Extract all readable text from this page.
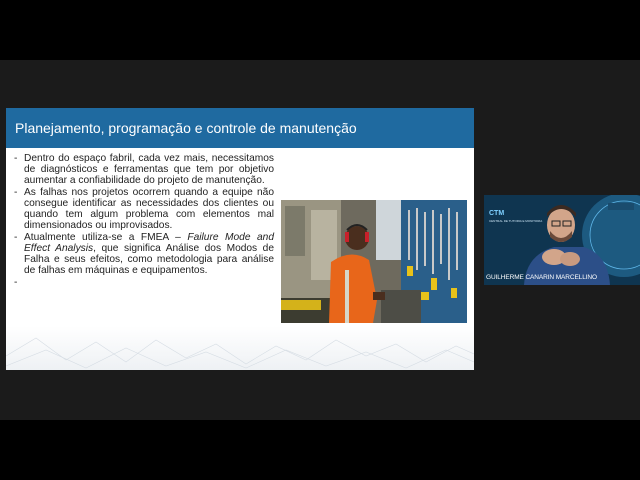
Planejamento, programação e controle de manutenção
- Dentro do espaço fabril, cada vez mais, necessitamos de diagnósticos e ferramentas que tem por objetivo aumentar a confiabilidade do projeto de manutenção.
- As falhas nos projetos ocorrem quando a equipe não consegue identificar as necessidades dos clientes ou quando tem algum problema com elementos mal dimensionados ou improvisados.
- Atualmente utiliza-se a FMEA – Failure Mode and Effect Analysis, que significa Análise dos Modos de Falha e seus efeitos, como metodologia para análise de falhas em máquinas e equipamentos.
-
CTM
CENTRAL DE TUTORIA E MONITORIA
GUILHERME CANARIN MARCELLINO
